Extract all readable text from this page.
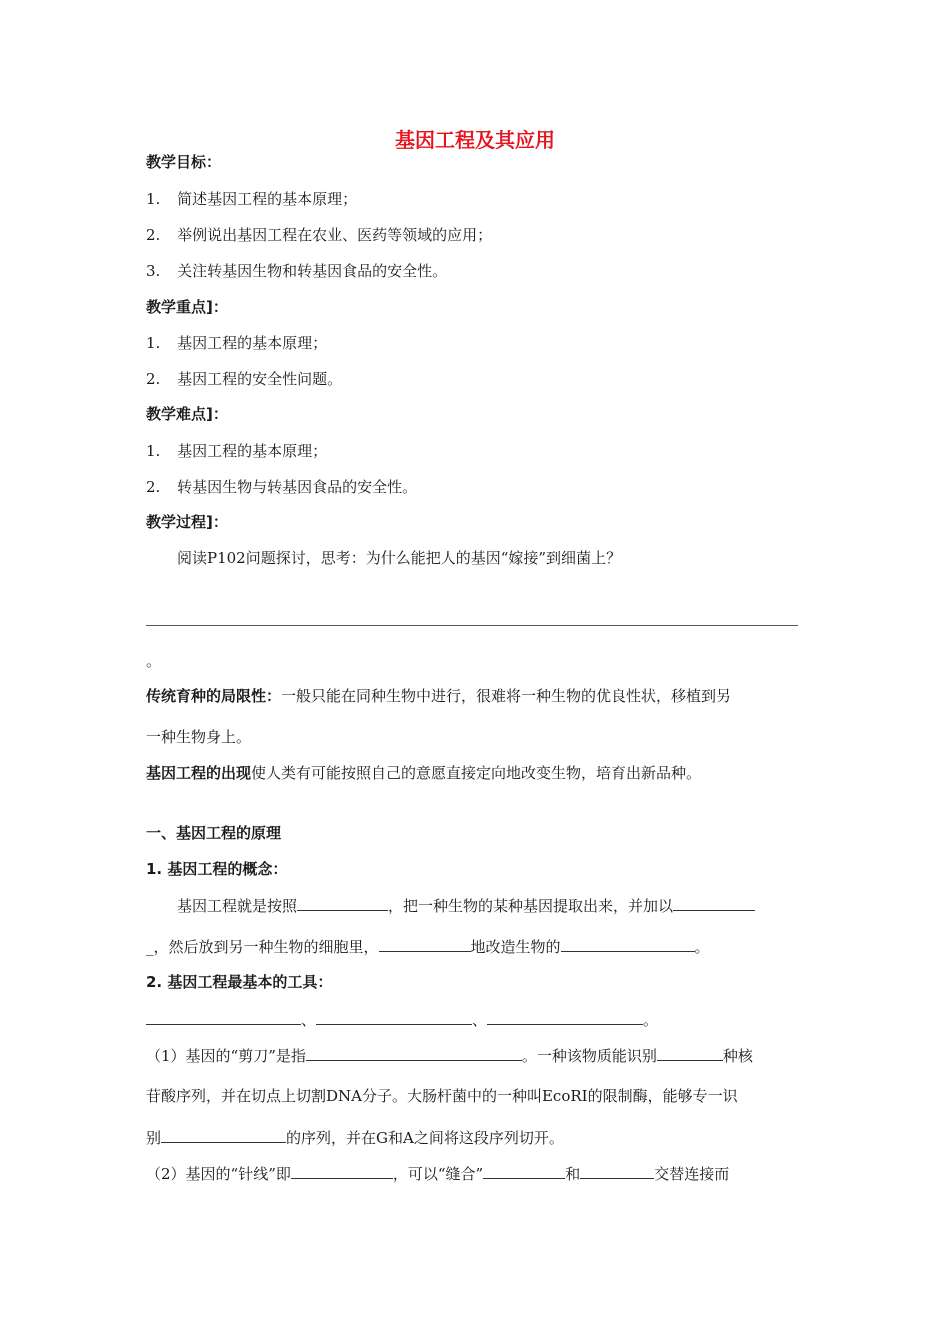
基因工程及其应用
教学目标：
1. 简述基因工程的基本原理；
2. 举例说出基因工程在农业、医药等领域的应用；
3. 关注转基因生物和转基因食品的安全性。
教学重点]：
1. 基因工程的基本原理；
2. 基因工程的安全性问题。
教学难点]：
1. 基因工程的基本原理；
2. 转基因生物与转基因食品的安全性。
教学过程]：
阅读P102问题探讨，思考：为什么能把人的基因“嫁接”到细菌上？
。
传统育种的局限性：一般只能在同种生物中进行，很难将一种生物的优良性状，移植到另
一种生物身上。
基因工程的出现使人类有可能按照自己的意愿直接定向地改变生物，培育出新品种。
一、基因工程的原理
1. 基因工程的概念：
基因工程就是按照	，把一种生物的某种基因提取出来，并加以
_，然后放到另一种生物的细胞里，	地改造生物的	。
2. 基因工程最基本的工具：
、	、	。
（1）基因的“剪刀”是指	。一种该物质能识别	种核
苷酸序列，并在切点上切割DNA分子。大肠杆菌中的一种叫EcoRI的限制酶，能够专一识
别	的序列，并在G和A之间将这段序列切开。
（2）基因的“针线”即	，可以“缝合”	和	交替连接而
